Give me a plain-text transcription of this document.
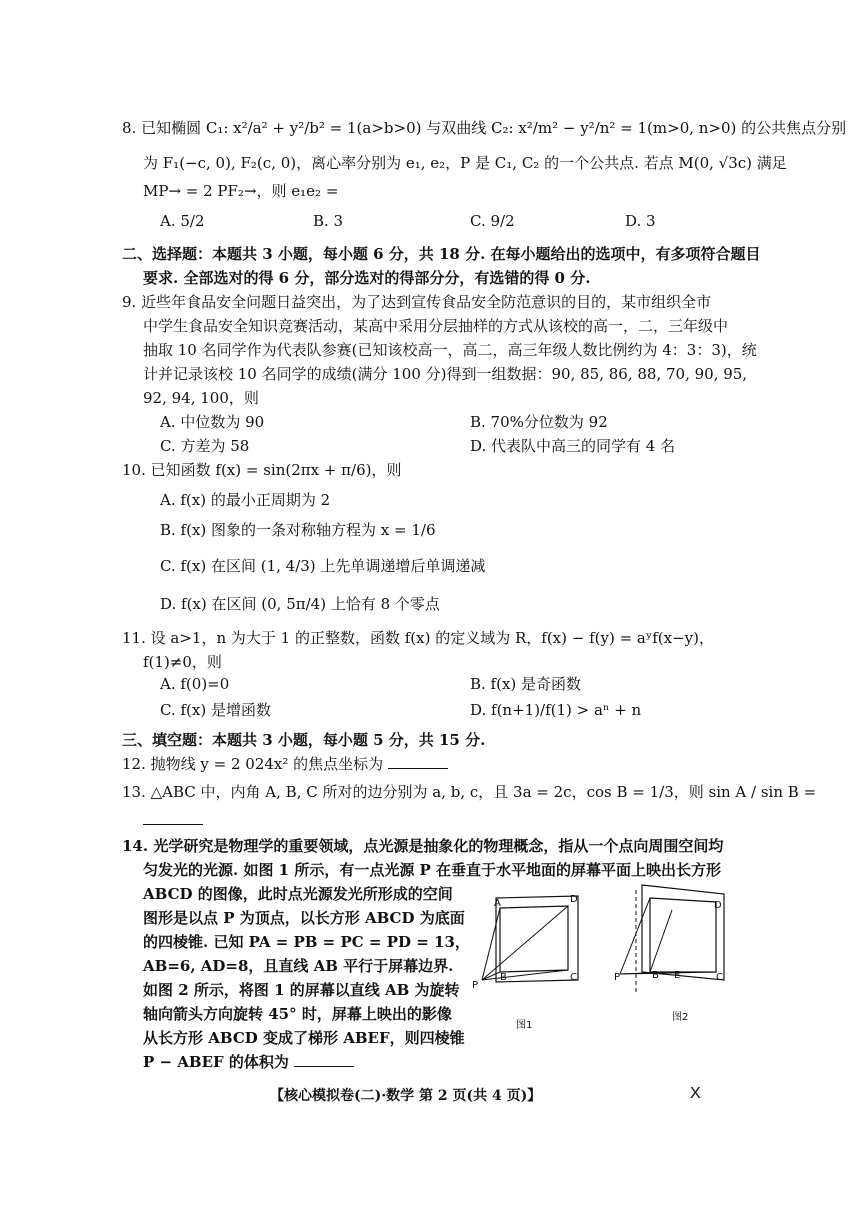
8. 已知椭圆 C₁: x²/a² + y²/b² = 1(a>b>0) 与双曲线 C₂: x²/m² − y²/n² = 1(m>0, n>0) 的公共焦点分别
为 F₁(−c, 0), F₂(c, 0)，离心率分别为 e₁, e₂，P 是 C₁, C₂ 的一个公共点. 若点 M(0, √3c) 满足
MP→ = 2 PF₂→，则 e₁e₂ =
A. 5/2	B. 3	C. 9/2	D. 3
二、选择题：本题共 3 小题，每小题 6 分，共 18 分. 在每小题给出的选项中，有多项符合题目
要求. 全部选对的得 6 分，部分选对的得部分分，有选错的得 0 分.
9. 近些年食品安全问题日益突出，为了达到宣传食品安全防范意识的目的，某市组织全市
中学生食品安全知识竞赛活动，某高中采用分层抽样的方式从该校的高一，二，三年级中
抽取 10 名同学作为代表队参赛(已知该校高一，高二，高三年级人数比例约为 4：3：3)，统
计并记录该校 10 名同学的成绩(满分 100 分)得到一组数据：90, 85, 86, 88, 70, 90, 95,
92, 94, 100，则
A. 中位数为 90	B. 70%分位数为 92
C. 方差为 58	D. 代表队中高三的同学有 4 名
10. 已知函数 f(x) = sin(2πx + π/6)，则
A. f(x) 的最小正周期为 2
B. f(x) 图象的一条对称轴方程为 x = 1/6
C. f(x) 在区间 (1, 4/3) 上先单调递增后单调递减
D. f(x) 在区间 (0, 5π/4) 上恰有 8 个零点
11. 设 a>1，n 为大于 1 的正整数，函数 f(x) 的定义域为 R，f(x) − f(y) = aʸf(x−y)，
f(1)≠0，则
A. f(0)=0	B. f(x) 是奇函数
C. f(x) 是增函数	D. f(n+1)/f(1) > aⁿ + n
三、填空题：本题共 3 小题，每小题 5 分，共 15 分.
12. 抛物线 y = 2 024x² 的焦点坐标为
13. △ABC 中，内角 A, B, C 所对的边分别为 a, b, c，且 3a = 2c，cos B = 1/3，则 sin A / sin B =
14. 光学研究是物理学的重要领域，点光源是抽象化的物理概念，指从一个点向周围空间均
匀发光的光源. 如图 1 所示，有一点光源 P 在垂直于水平地面的屏幕平面上映出长方形
ABCD 的图像，此时点光源发光所形成的空间
图形是以点 P 为顶点，以长方形 ABCD 为底面
的四棱锥. 已知 PA = PB = PC = PD = 13，
AB=6, AD=8，且直线 AB 平行于屏幕边界.
如图 2 所示，将图 1 的屏幕以直线 AB 为旋转
轴向箭头方向旋转 45° 时，屏幕上映出的影像
从长方形 ABCD 变成了梯形 ABEF，则四棱锥
P − ABEF 的体积为
A	D
B	C
P
图1
D
C
P	B E
图2
【核心模拟卷(二)·数学 第 2 页(共 4 页)】	X
